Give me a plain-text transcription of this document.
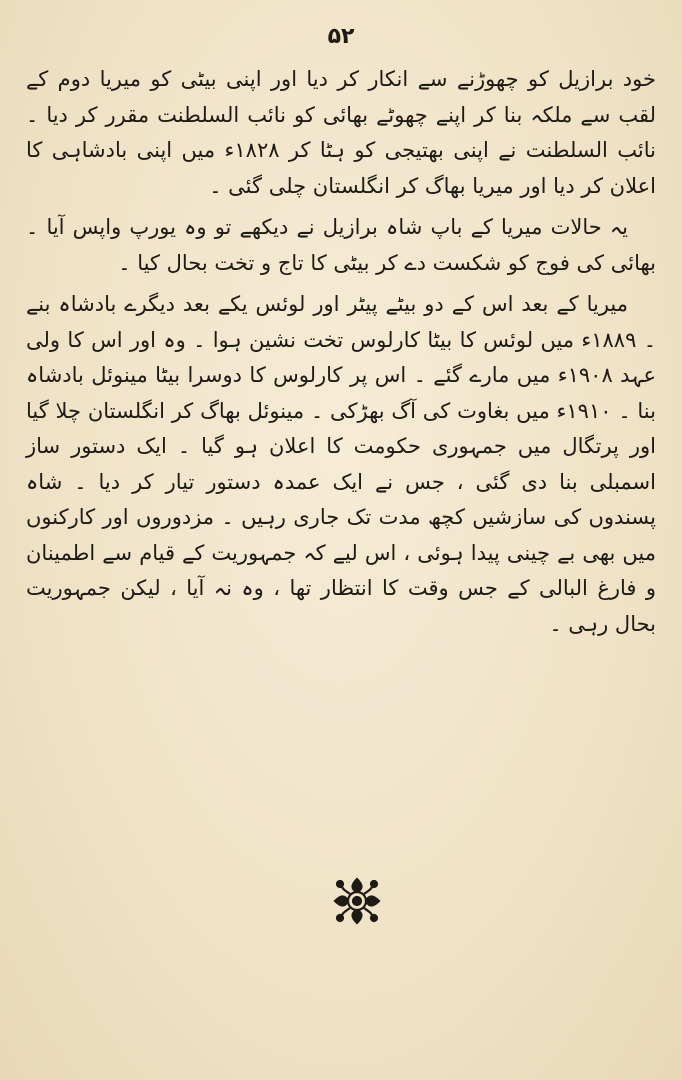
۵۲

خود برازیل کو چھوڑنے سے انکار کر دیا اور اپنی بیٹی کو میریا دوم کے لقب سے ملکہ بنا کر اپنے چھوٹے بھائی کو نائب السلطنت مقرر کر دیا ۔ نائب السلطنت نے اپنی بھتیجی کو ہٹا کر ۱۸۲۸ء میں اپنی بادشاہی کا اعلان کر دیا اور میریا بھاگ کر انگلستان چلی گئی ۔

یہ حالات میریا کے باپ شاہ برازیل نے دیکھے تو وہ یورپ واپس آیا ۔ بھائی کی فوج کو شکست دے کر بیٹی کا تاج و تخت بحال کیا ۔

میریا کے بعد اس کے دو بیٹے پیٹر اور لوئس یکے بعد دیگرے بادشاہ بنے ۔ ۱۸۸۹ء میں لوئس کا بیٹا کارلوس تخت نشین ہوا ۔ وہ اور اس کا ولی عہد ۱۹۰۸ء میں مارے گئے ۔ اس پر کارلوس کا دوسرا بیٹا مینوئل بادشاہ بنا ۔ ۱۹۱۰ء میں بغاوت کی آگ بھڑکی ۔ مینوئل بھاگ کر انگلستان چلا گیا اور پرتگال میں جمہوری حکومت کا اعلان ہو گیا ۔ ایک دستور ساز اسمبلی بنا دی گئی ، جس نے ایک عمدہ دستور تیار کر دیا ۔ شاہ پسندوں کی سازشیں کچھ مدت تک جاری رہیں ۔ مزدوروں اور کارکنوں میں بھی بے چینی پیدا ہوئی ، اس لیے کہ جمہوریت کے قیام سے اطمینان و فارغ البالی کے جس وقت کا انتظار تھا ، وہ نہ آیا ، لیکن جمہوریت بحال رہی ۔
